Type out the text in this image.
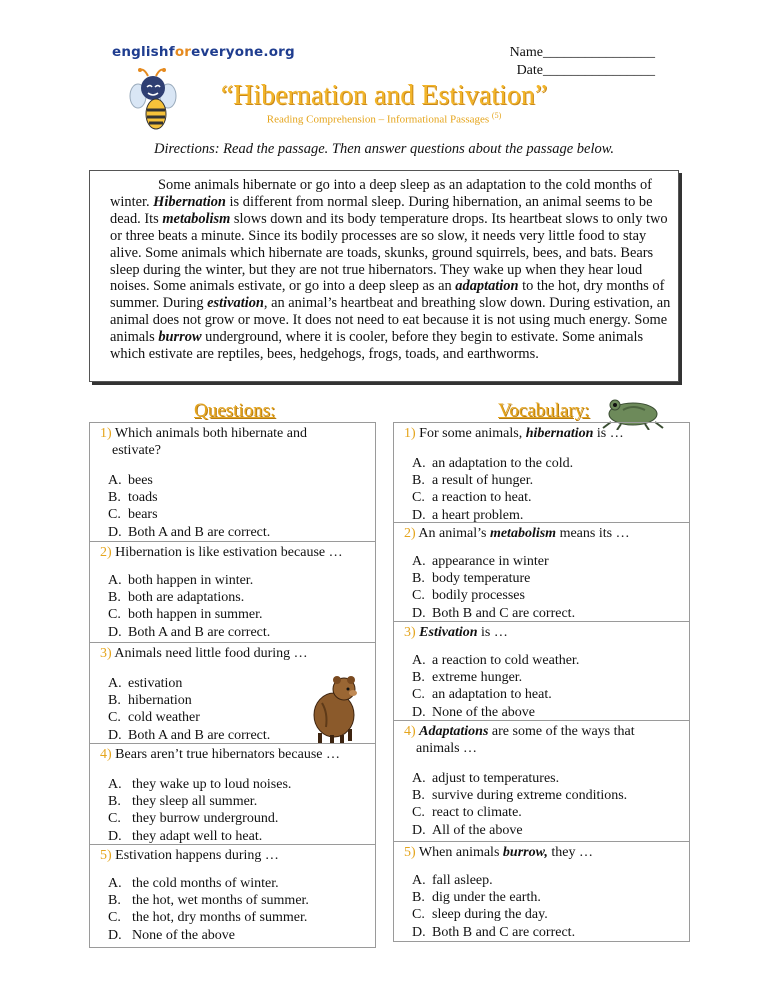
englishforeveryone.org	Name________________
Date________________
“Hibernation and Estivation”
Reading Comprehension – Informational Passages $^{(5)}$
Directions: Read the passage. Then answer questions about the passage below.

Some animals hibernate or go into a deep sleep as an adaptation to the cold months of winter. Hibernation is different from normal sleep. During hibernation, an animal seems to be dead. Its metabolism slows down and its body temperature drops. Its heartbeat slows to only two or three beats a minute. Since its bodily processes are so slow, it needs very little food to stay alive. Some animals which hibernate are toads, skunks, ground squirrels, bees, and bats. Bears sleep during the winter, but they are not true hibernators. They wake up when they hear loud noises. Some animals estivate, or go into a deep sleep as an adaptation to the hot, dry months of summer. During estivation, an animal’s heartbeat and breathing slow down. During estivation, an animal does not grow or move. It does not need to eat because it is not using much energy. Some animals burrow underground, where it is cooler, before they begin to estivate. Some animals which estivate are reptiles, bees, hedgehogs, frogs, toads, and earthworms.

Questions:	Vocabulary:
1) Which animals both hibernate and
estivate?
A. bees
B. toads
C. bears
D. Both A and B are correct.
2) Hibernation is like estivation because …
A. both happen in winter.
B. both are adaptations.
C. both happen in summer.
D. Both A and B are correct.
3) Animals need little food during …
A. estivation
B. hibernation
C. cold weather
D. Both A and B are correct.
4) Bears aren’t true hibernators because …
A. they wake up to loud noises.
B. they sleep all summer.
C. they burrow underground.
D. they adapt well to heat.
5) Estivation happens during …
A. the cold months of winter.
B. the hot, wet months of summer.
C. the hot, dry months of summer.
D. None of the above
1) For some animals, hibernation is …
A. an adaptation to the cold.
B. a result of hunger.
C. a reaction to heat.
D. a heart problem.
2) An animal’s metabolism means its …
A. appearance in winter
B. body temperature
C. bodily processes
D. Both B and C are correct.
3) Estivation is …
A. a reaction to cold weather.
B. extreme hunger.
C. an adaptation to heat.
D. None of the above
4) Adaptations are some of the ways that
animals …
A. adjust to temperatures.
B. survive during extreme conditions.
C. react to climate.
D. All of the above
5) When animals burrow, they …
A. fall asleep.
B. dig under the earth.
C. sleep during the day.
D. Both B and C are correct.
